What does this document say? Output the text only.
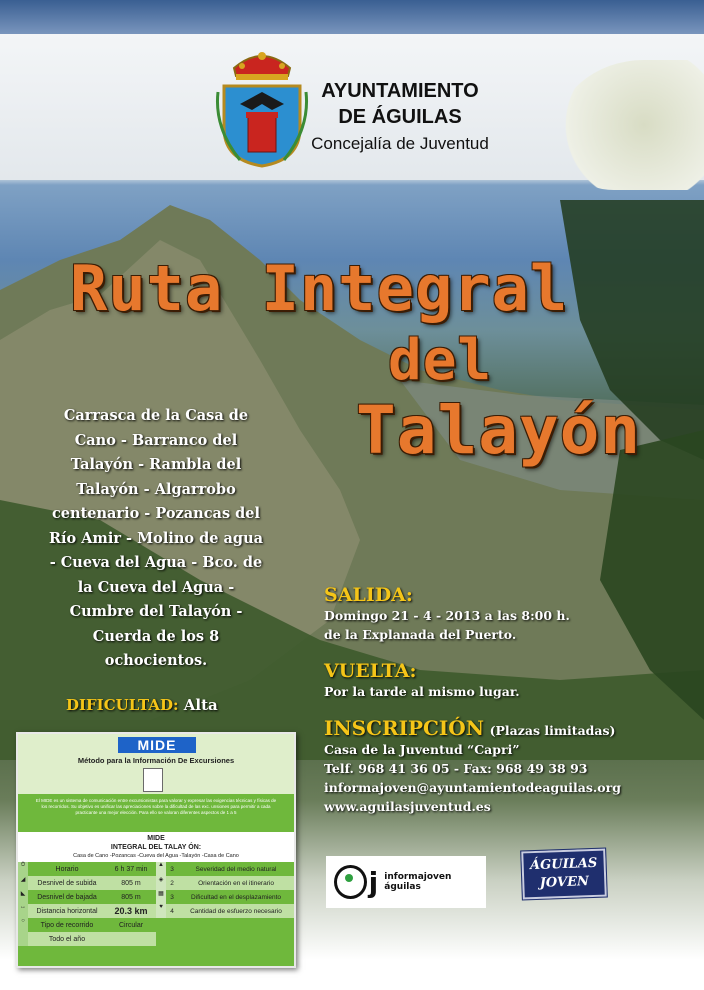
AYUNTAMIENTO
DE ÁGUILAS
Concejalía de Juventud
Ruta Integral
del
Talayón
Carrasca de la Casa de
Cano - Barranco del
Talayón - Rambla del
Talayón - Algarrobo
centenario - Pozancas del
Río Amir - Molino de agua
- Cueva del Agua - Bco. de
la Cueva del Agua -
Cumbre del Talayón -
Cuerda de los 8
ochocientos.
DIFICULTAD: Alta
SALIDA:
Domingo 21 - 4 - 2013 a las 8:00 h.
de la Explanada del Puerto.
VUELTA:
Por la tarde al mismo lugar.
INSCRIPCIÓN (Plazas limitadas)
Casa de la Juventud “Capri”
Telf. 968 41 36 05 - Fax: 968 49 38 93
informajoven@ayuntamientodeaguilas.org
www.aguilasjuventud.es
MIDE
Método para la Información De Excursiones
El MIDE es un sistema de comunicación entre excursionistas para valorar y expresar las exigencias técnicas y físicas de los recorridos. Su objetivo es unificar las apreciaciones sobre la dificultad de las exc. unsiones para permitir a cada practicante una mejor elección. Para ello se valoran diferentes aspectos de 1 a 5
MIDE
INTEGRAL DEL TALAY ÓN:
Casa de Cano -Pozancas -Cueva del Agua -Talayón -Casa de Cano
⏱
Horario	6 h 37 min
◢	Desnivel de subida	805 m
◣	Desnivel de bajada	805 m
↔
Distancia horizontal	20.3 km
○
Tipo de recorrido	Circular
Todo el año
▲
3	Severidad del medio natural
◈	2	Orientación en el itinerario
▦ 3	Dificultad en el desplazamiento
♥
4	Cantidad de esfuerzo necesario
j informajoven águilas
ÁGUILAS
JOVEN
